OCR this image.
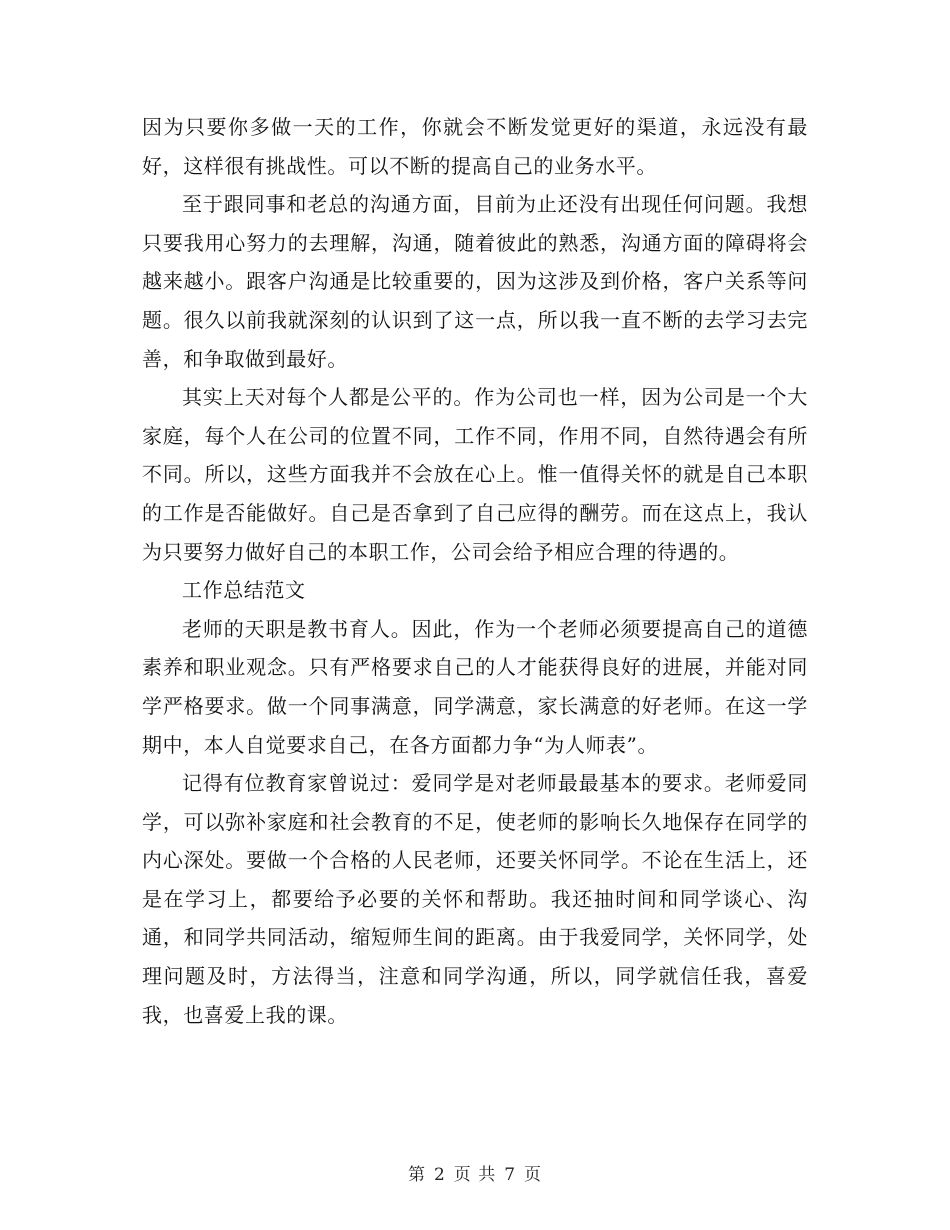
因为只要你多做一天的工作，你就会不断发觉更好的渠道，永远没有最好，这样很有挑战性。可以不断的提高自己的业务水平。

至于跟同事和老总的沟通方面，目前为止还没有出现任何问题。我想只要我用心努力的去理解，沟通，随着彼此的熟悉，沟通方面的障碍将会越来越小。跟客户沟通是比较重要的，因为这涉及到价格，客户关系等问题。很久以前我就深刻的认识到了这一点，所以我一直不断的去学习去完善，和争取做到最好。

其实上天对每个人都是公平的。作为公司也一样，因为公司是一个大家庭，每个人在公司的位置不同，工作不同，作用不同，自然待遇会有所不同。所以，这些方面我并不会放在心上。惟一值得关怀的就是自己本职的工作是否能做好。自己是否拿到了自己应得的酬劳。而在这点上，我认为只要努力做好自己的本职工作，公司会给予相应合理的待遇的。

工作总结范文

老师的天职是教书育人。因此，作为一个老师必须要提高自己的道德素养和职业观念。只有严格要求自己的人才能获得良好的进展，并能对同学严格要求。做一个同事满意，同学满意，家长满意的好老师。在这一学期中，本人自觉要求自己，在各方面都力争“为人师表”。

记得有位教育家曾说过：爱同学是对老师最最基本的要求。老师爱同学，可以弥补家庭和社会教育的不足，使老师的影响长久地保存在同学的内心深处。要做一个合格的人民老师，还要关怀同学。不论在生活上，还是在学习上，都要给予必要的关怀和帮助。我还抽时间和同学谈心、沟通，和同学共同活动，缩短师生间的距离。由于我爱同学，关怀同学，处理问题及时，方法得当，注意和同学沟通，所以，同学就信任我，喜爱我，也喜爱上我的课。

第 2 页 共 7 页
